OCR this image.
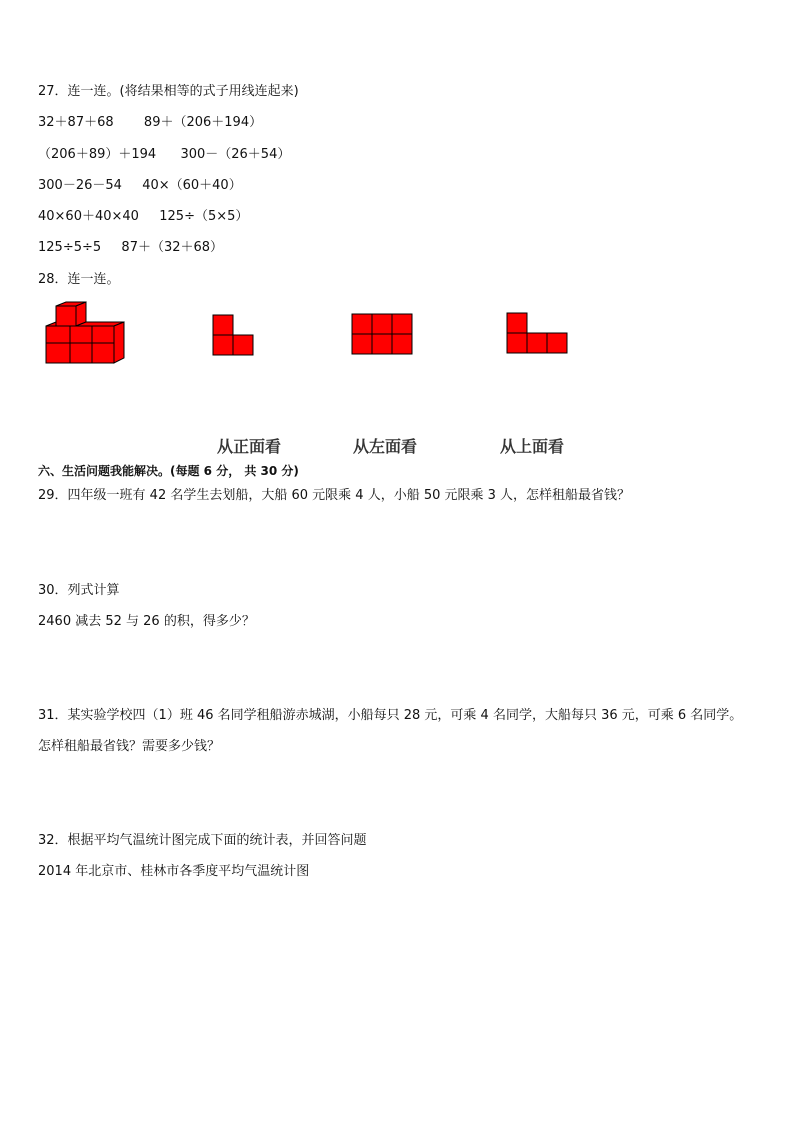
27．连一连。(将结果相等的式子用线连起来)
32＋87＋68 89＋（206＋194）
（206＋89）＋194 300－（26＋54）
300－26－54 40×（60＋40）
40×60＋40×40 125÷（5×5）
125÷5÷5 87＋（32＋68）
28．连一连。
从正面看	从左面看	从上面看
六、生活问题我能解决。(每题 6 分， 共 30 分)
29．四年级一班有 42 名学生去划船，大船 60 元限乘 4 人，小船 50 元限乘 3 人，怎样租船最省钱？
30．列式计算
2460 减去 52 与 26 的积，得多少？
31．某实验学校四（1）班 46 名同学租船游赤城湖，小船每只 28 元，可乘 4 名同学，大船每只 36 元，可乘 6 名同学。
怎样租船最省钱？需要多少钱？
32．根据平均气温统计图完成下面的统计表，并回答问题
2014 年北京市、桂林市各季度平均气温统计图
